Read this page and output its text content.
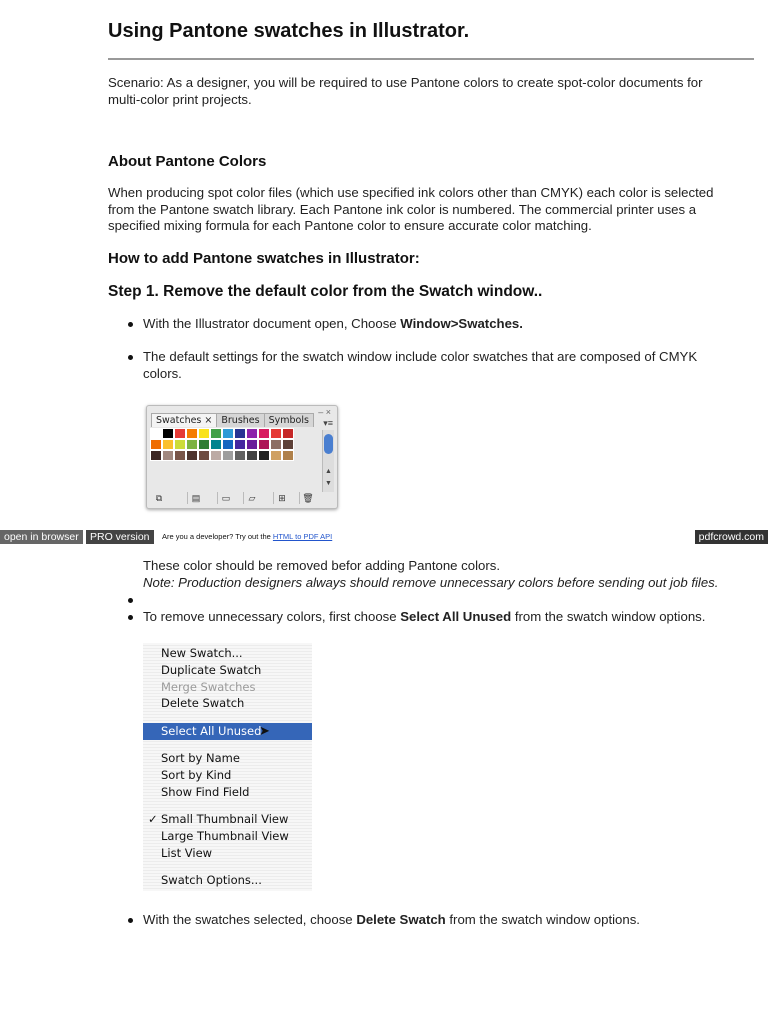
Using Pantone swatches in Illustrator.

Scenario: As a designer, you will be required to use Pantone colors to create spot-color documents for
multi-color print projects.

About Pantone Colors

When producing spot color files (which use specified ink colors other than CMYK) each color is selected
from the Pantone swatch library. Each Pantone ink color is numbered. The commercial printer uses a
specified mixing formula for each Pantone color to ensure accurate color matching.

How to add Pantone swatches in Illustrator:
Step 1. Remove the default color from the Swatch window..

With the Illustrator document open, Choose Window>Swatches.

The default settings for the swatch window include color swatches that are composed of CMYK
colors.

– ×
Swatches × Brushes Symbols	▾≡
▲
▼
⧉	▤	▭	▱	⊞	🗑
open in browser	PRO version	Are you a developer? Try out the HTML to PDF API	pdfcrowd.com

These color should be removed befor adding Pantone colors.

Note: Production designers always should remove unnecessary colors before sending out job files.

To remove unnecessary colors, first choose Select All Unused from the swatch window options.

New Swatch...
Duplicate Swatch
Merge Swatches
Delete Swatch
Select All Unused
➤
Sort by Name
Sort by Kind
Show Find Field
✓ Small Thumbnail View
Large Thumbnail View
List View
Swatch Options...

With the swatches selected, choose Delete Swatch from the swatch window options.
